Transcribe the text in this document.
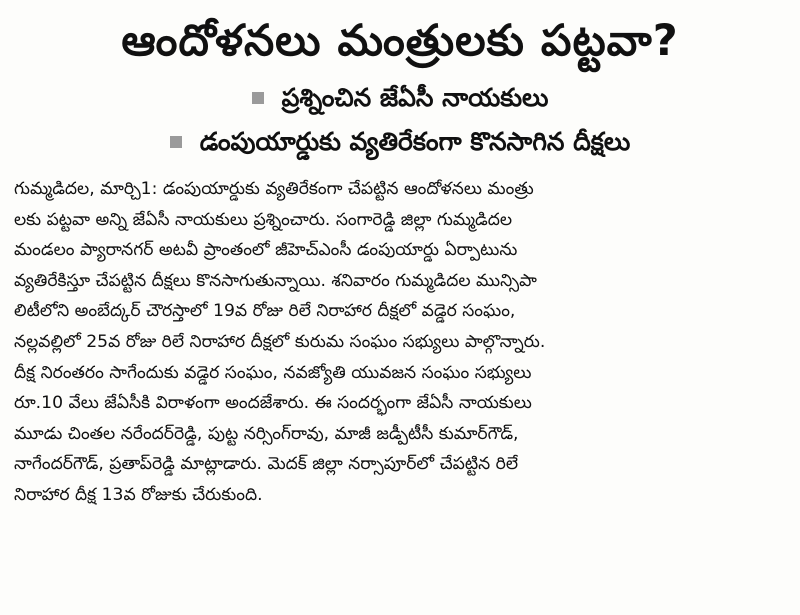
ఆందోళనలు మంత్రులకు పట్టవా?
ప్రశ్నించిన జేఏసీ నాయకులు
డంపుయార్డుకు వ్యతిరేకంగా కొనసాగిన దీక్షలు
గుమ్మడిదల, మార్చి1: డంపుయార్డుకు వ్యతిరేకంగా చేపట్టిన ఆందోళనలు మంత్రు
లకు పట్టవా అన్ని జేఏసీ నాయకులు ప్రశ్నించారు. సంగారెడ్డి జిల్లా గుమ్మడిదల
మండలం ప్యారానగర్ అటవీ ప్రాంతంలో జీహెచ్ఎంసీ డంపుయార్డు ఏర్పాటును
వ్యతిరేకిస్తూ చేపట్టిన దీక్షలు కొనసాగుతున్నాయి. శనివారం గుమ్మడిదల మున్సిపా
లిటీలోని అంబేద్కర్ చౌరస్తాలో 19వ రోజు రిలే నిరాహార దీక్షలో వడ్డెర సంఘం,
నల్లవల్లిలో 25వ రోజు రిలే నిరాహార దీక్షలో కురుమ సంఘం సభ్యులు పాల్గొన్నారు.
దీక్ష నిరంతరం సాగేందుకు వడ్డెర సంఘం, నవజ్యోతి యువజన సంఘం సభ్యులు
రూ.10 వేలు జేఏసీకి విరాళంగా అందజేశారు. ఈ సందర్భంగా జేఏసీ నాయకులు
మూడు చింతల నరేందర్‌రెడ్డి, పుట్ట నర్సింగ్‌రావు, మాజీ జడ్పీటీసీ కుమార్‌గౌడ్,
నాగేందర్‌గౌడ్, ప్రతాప్‌రెడ్డి మాట్లాడారు. మెదక్ జిల్లా నర్సాపూర్‌లో చేపట్టిన రిలే
నిరాహార దీక్ష 13వ రోజుకు చేరుకుంది.
